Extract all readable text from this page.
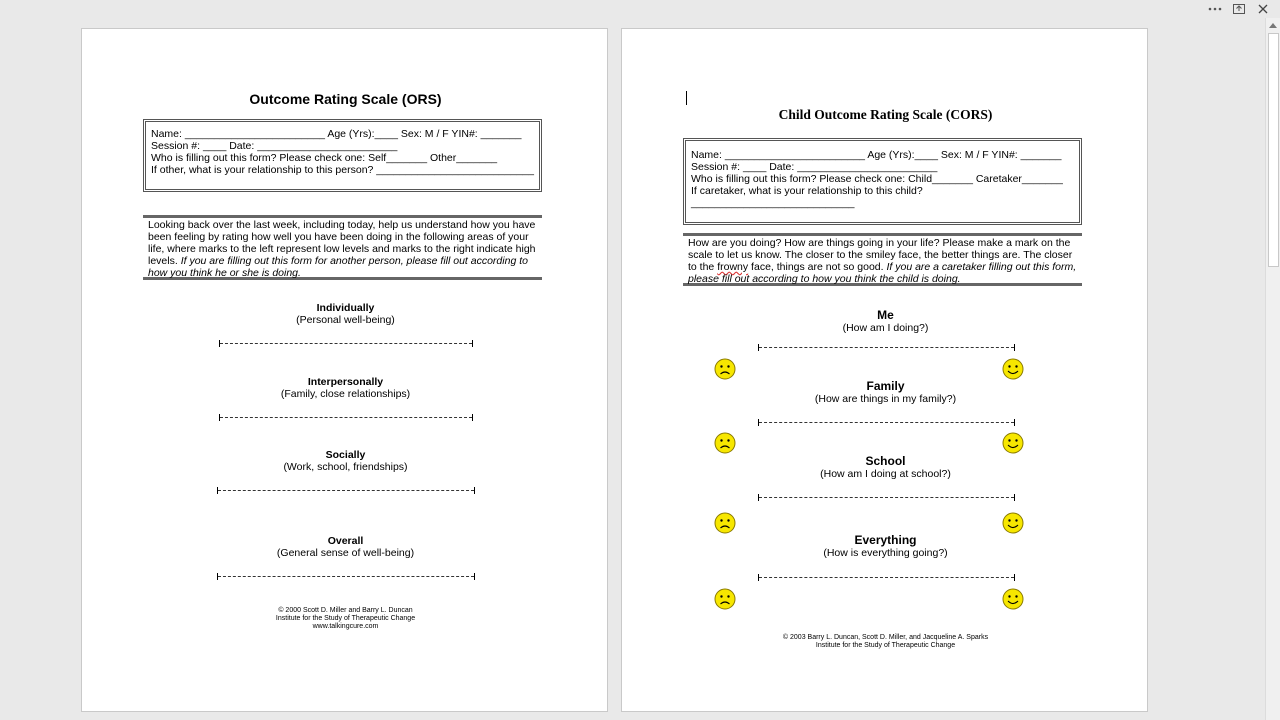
Outcome Rating Scale (ORS)
Name: ________________________ Age (Yrs):____ Sex: M / F YIN#: _______
Session #: ____ Date: ________________________
Who is filling out this form? Please check one: Self_______ Other_______
If other, what is your relationship to this person? ___________________________
Looking back over the last week, including today, help us understand how you have been feeling by rating how well you have been doing in the following areas of your life, where marks to the left represent low levels and marks to the right indicate high levels. If you are filling out this form for another person, please fill out according to how you think he or she is doing.
Individually
(Personal well-being)
Interpersonally
(Family, close relationships)
Socially
(Work, school, friendships)
Overall
(General sense of well-being)
© 2000 Scott D. Miller and Barry L. Duncan
Institute for the Study of Therapeutic Change
www.talkingcure.com
Child Outcome Rating Scale (CORS)
Name: ________________________ Age (Yrs):____ Sex: M / F YIN#: _______
Session #: ____ Date: ________________________
Who is filling out this form? Please check one: Child_______ Caretaker_______
If caretaker, what is your relationship to this child?
____________________________
How are you doing? How are things going in your life? Please make a mark on the scale to let us know. The closer to the smiley face, the better things are. The closer to the frowny face, things are not so good. If you are a caretaker filling out this form, please fill out according to how you think the child is doing.
Me
(How am I doing?)
Family
(How are things in my family?)
School
(How am I doing at school?)
Everything
(How is everything going?)
© 2003 Barry L. Duncan, Scott D. Miller, and Jacqueline A. Sparks
Institute for the Study of Therapeutic Change
